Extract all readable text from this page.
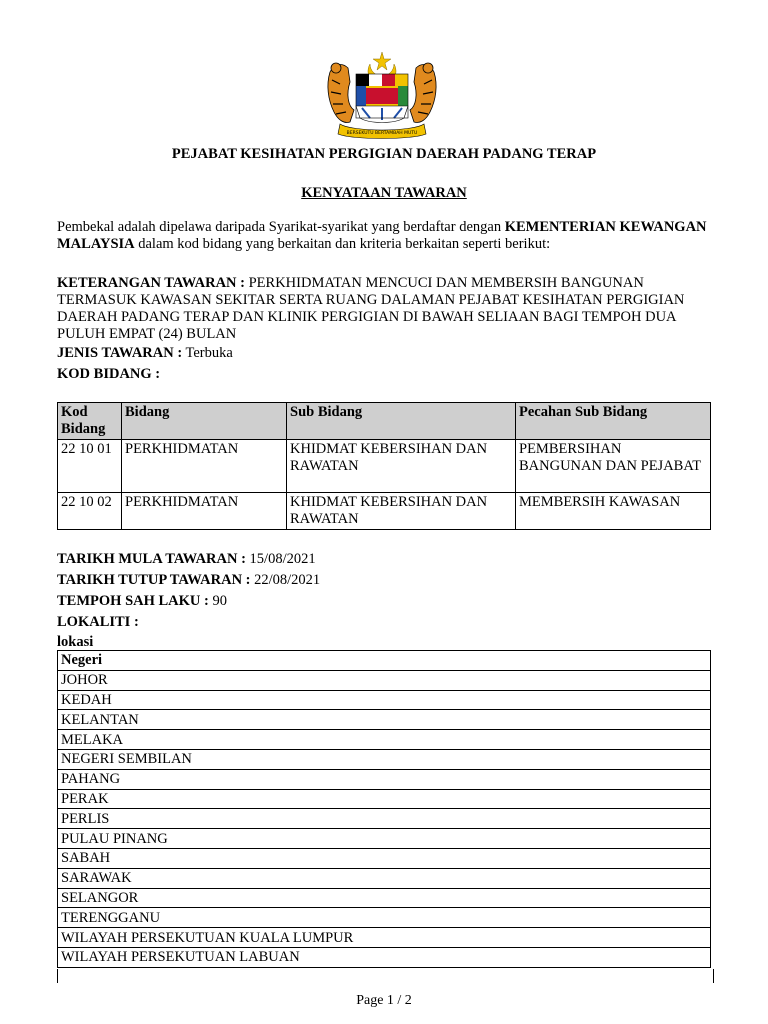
BERSEKUTU BERTAMBAH MUTU
PEJABAT KESIHATAN PERGIGIAN DAERAH PADANG TERAP
KENYATAAN TAWARAN
Pembekal adalah dipelawa daripada Syarikat-syarikat yang berdaftar dengan KEMENTERIAN KEWANGAN MALAYSIA dalam kod bidang yang berkaitan dan kriteria berkaitan seperti berikut:
KETERANGAN TAWARAN : PERKHIDMATAN MENCUCI DAN MEMBERSIH BANGUNAN TERMASUK KAWASAN SEKITAR SERTA RUANG DALAMAN PEJABAT KESIHATAN PERGIGIAN DAERAH PADANG TERAP DAN KLINIK PERGIGIAN DI BAWAH SELIAAN BAGI TEMPOH DUA PULUH EMPAT (24) BULAN
JENIS TAWARAN : Terbuka
KOD BIDANG :
Kod Bidang	Bidang	Sub Bidang	Pecahan Sub Bidang
22 10 01	PERKHIDMATAN	KHIDMAT KEBERSIHAN DAN RAWATAN	PEMBERSIHAN BANGUNAN DAN PEJABAT
22 10 02	PERKHIDMATAN	KHIDMAT KEBERSIHAN DAN RAWATAN	MEMBERSIH KAWASAN
TARIKH MULA TAWARAN : 15/08/2021
TARIKH TUTUP TAWARAN : 22/08/2021
TEMPOH SAH LAKU : 90
LOKALITI :
lokasi
Negeri
JOHOR
KEDAH
KELANTAN
MELAKA
NEGERI SEMBILAN
PAHANG
PERAK
PERLIS
PULAU PINANG
SABAH
SARAWAK
SELANGOR
TERENGGANU
WILAYAH PERSEKUTUAN KUALA LUMPUR
WILAYAH PERSEKUTUAN LABUAN
Page 1 / 2
